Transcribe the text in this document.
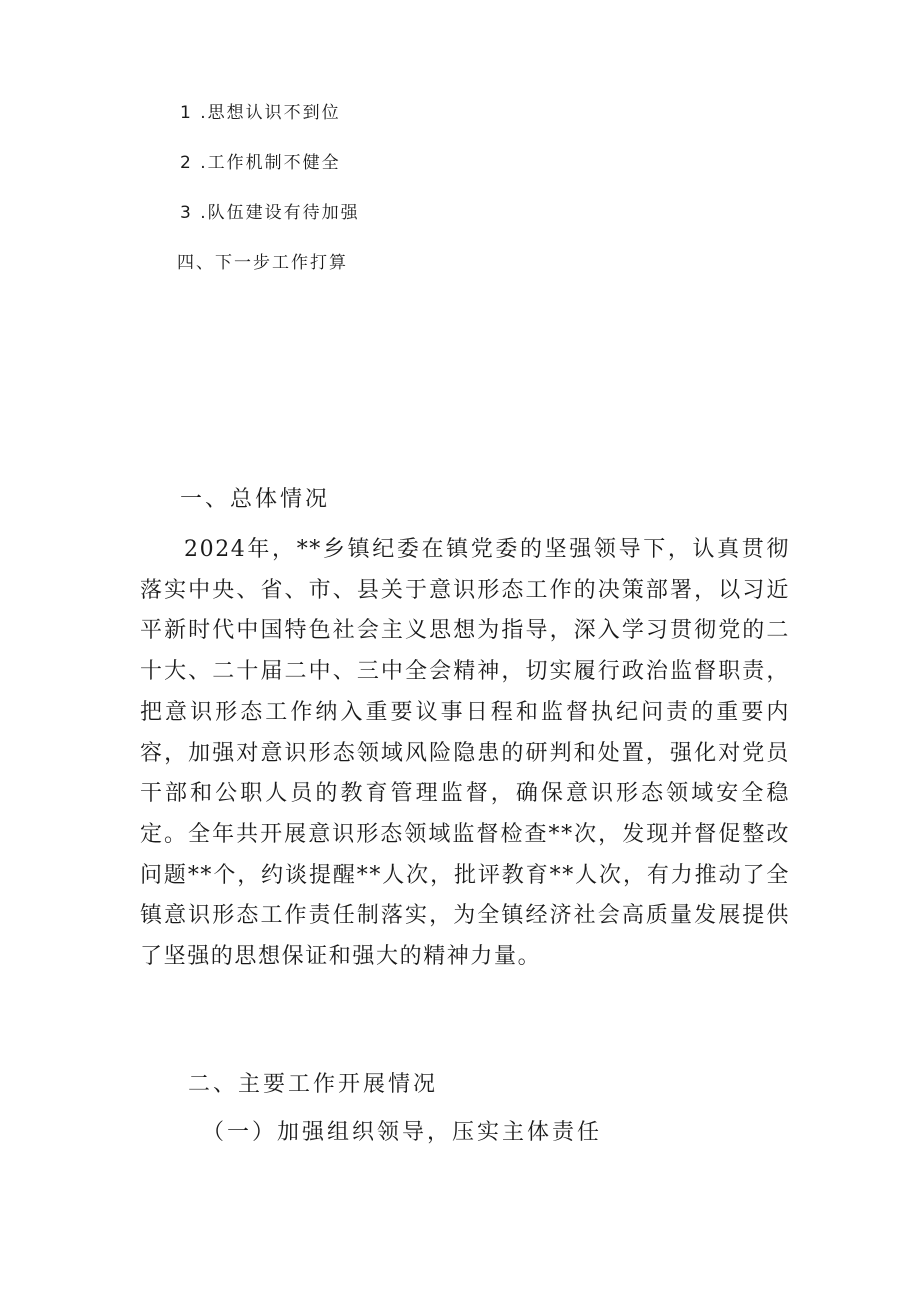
1 .思想认识不到位
2 .工作机制不健全
3 .队伍建设有待加强
四、下一步工作打算
一、总体情况

2024年，**乡镇纪委在镇党委的坚强领导下，认真贯彻落实中央、省、市、县关于意识形态工作的决策部署，以习近平新时代中国特色社会主义思想为指导，深入学习贯彻党的二十大、二十届二中、三中全会精神，切实履行政治监督职责，把意识形态工作纳入重要议事日程和监督执纪问责的重要内容，加强对意识形态领域风险隐患的研判和处置，强化对党员干部和公职人员的教育管理监督，确保意识形态领域安全稳定。全年共开展意识形态领域监督检查**次，发现并督促整改问题**个，约谈提醒**人次，批评教育**人次，有力推动了全镇意识形态工作责任制落实，为全镇经济社会高质量发展提供了坚强的思想保证和强大的精神力量。

二、主要工作开展情况
（一）加强组织领导，压实主体责任
